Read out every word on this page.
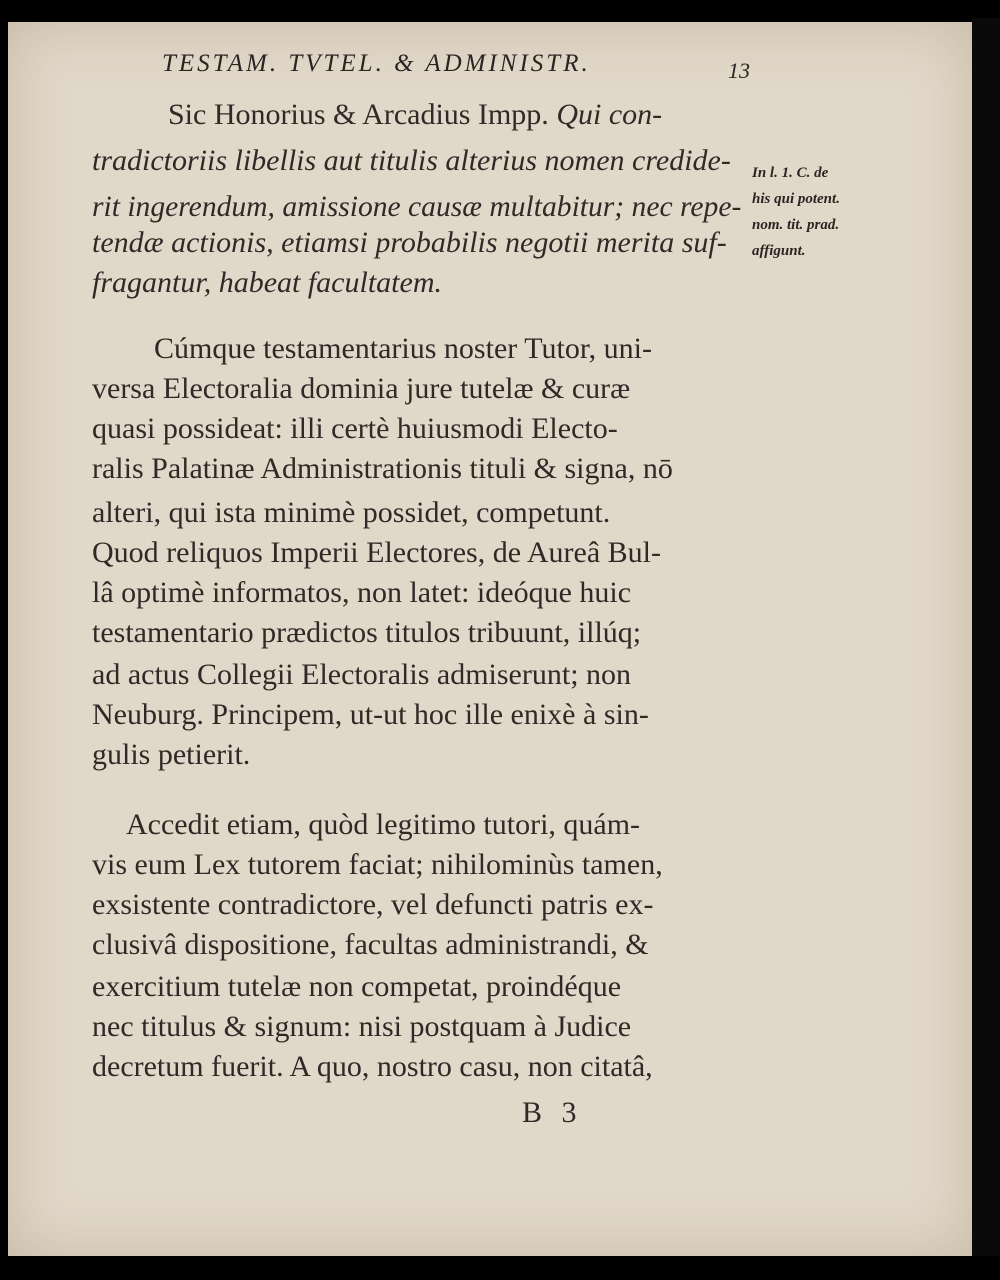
TESTAM. TVTEL. & ADMINISTR.	13
Sic Honorius & Arcadius Impp. Qui con-
tradictoriis libellis aut titulis alterius nomen credide-
rit ingerendum, amissione causæ multabitur; nec repe-
tendæ actionis, etiamsi probabilis negotii merita suf-
fragantur, habeat facultatem.
In l. 1. C. de
his qui potent.
nom. tit. prad.
affigunt.
Cúmque testamentarius noster Tutor, uni-
versa Electoralia dominia jure tutelæ & curæ
quasi possideat: illi certè huiusmodi Electo-
ralis Palatinæ Administrationis tituli & signa, nō
alteri, qui ista minimè possidet, competunt.
Quod reliquos Imperii Electores, de Aureâ Bul-
lâ optimè informatos, non latet: ideóque huic
testamentario prædictos titulos tribuunt, illúq;
ad actus Collegii Electoralis admiserunt; non
Neuburg. Principem, ut-ut hoc ille enixè à sin-
gulis petierit.
Accedit etiam, quòd legitimo tutori, quám-
vis eum Lex tutorem faciat; nihilominùs tamen,
exsistente contradictore, vel defuncti patris ex-
clusivâ dispositione, facultas administrandi, &
exercitium tutelæ non competat, proindéque
nec titulus & signum: nisi postquam à Judice
decretum fuerit. A quo, nostro casu, non citatâ,
B 3
